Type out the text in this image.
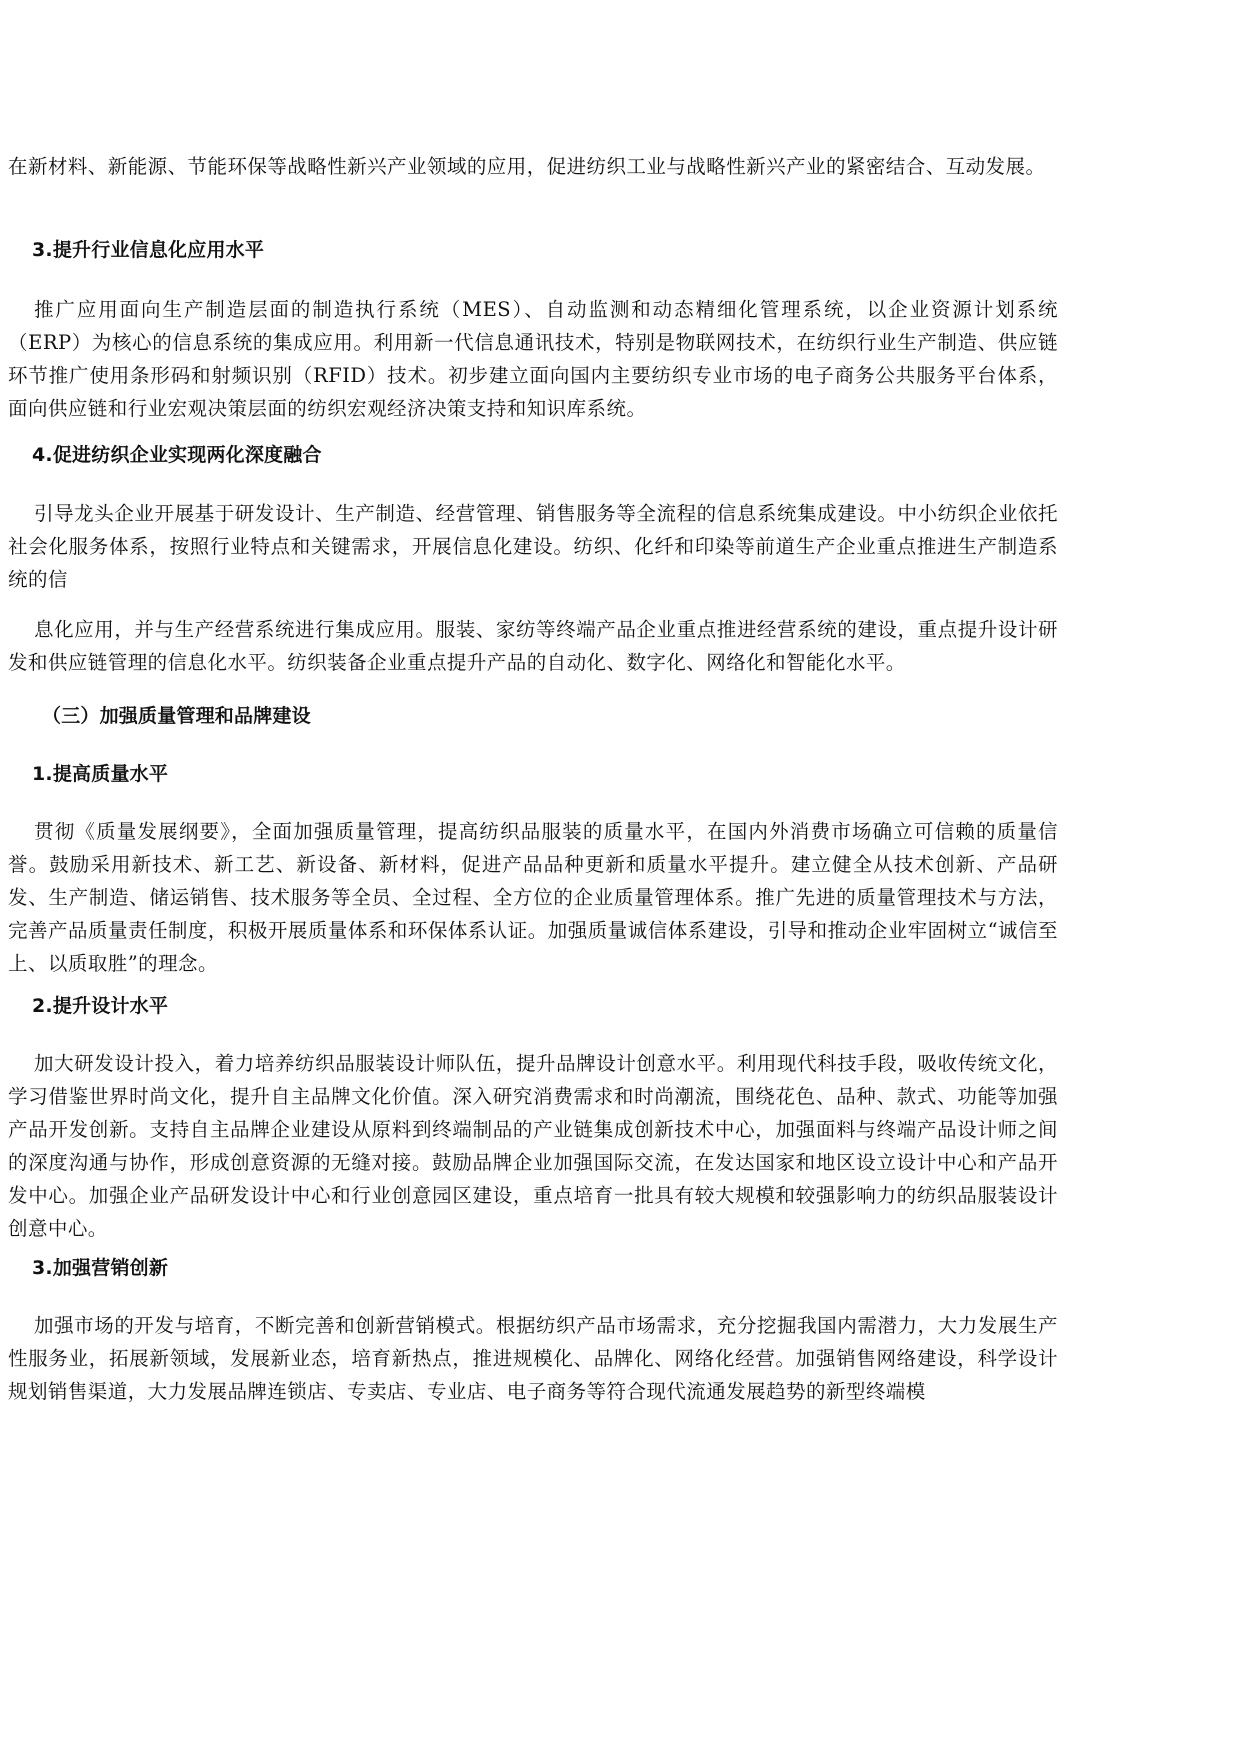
在新材料、新能源、节能环保等战略性新兴产业领域的应用，促进纺织工业与战略性新兴产业的紧密结合、互动发展。

3.提升行业信息化应用水平

推广应用面向生产制造层面的制造执行系统（MES）、自动监测和动态精细化管理系统，以企业资源计划系统（ERP）为核心的信息系统的集成应用。利用新一代信息通讯技术，特别是物联网技术，在纺织行业生产制造、供应链环节推广使用条形码和射频识别（RFID）技术。初步建立面向国内主要纺织专业市场的电子商务公共服务平台体系，面向供应链和行业宏观决策层面的纺织宏观经济决策支持和知识库系统。

4.促进纺织企业实现两化深度融合

引导龙头企业开展基于研发设计、生产制造、经营管理、销售服务等全流程的信息系统集成建设。中小纺织企业依托社会化服务体系，按照行业特点和关键需求，开展信息化建设。纺织、化纤和印染等前道生产企业重点推进生产制造系统的信

息化应用，并与生产经营系统进行集成应用。服装、家纺等终端产品企业重点推进经营系统的建设，重点提升设计研发和供应链管理的信息化水平。纺织装备企业重点提升产品的自动化、数字化、网络化和智能化水平。

（三）加强质量管理和品牌建设

1.提高质量水平

贯彻《质量发展纲要》，全面加强质量管理，提高纺织品服装的质量水平，在国内外消费市场确立可信赖的质量信誉。鼓励采用新技术、新工艺、新设备、新材料，促进产品品种更新和质量水平提升。建立健全从技术创新、产品研发、生产制造、储运销售、技术服务等全员、全过程、全方位的企业质量管理体系。推广先进的质量管理技术与方法，完善产品质量责任制度，积极开展质量体系和环保体系认证。加强质量诚信体系建设，引导和推动企业牢固树立“诚信至上、以质取胜”的理念。

2.提升设计水平

加大研发设计投入，着力培养纺织品服装设计师队伍，提升品牌设计创意水平。利用现代科技手段，吸收传统文化，学习借鉴世界时尚文化，提升自主品牌文化价值。深入研究消费需求和时尚潮流，围绕花色、品种、款式、功能等加强产品开发创新。支持自主品牌企业建设从原料到终端制品的产业链集成创新技术中心，加强面料与终端产品设计师之间的深度沟通与协作，形成创意资源的无缝对接。鼓励品牌企业加强国际交流，在发达国家和地区设立设计中心和产品开发中心。加强企业产品研发设计中心和行业创意园区建设，重点培育一批具有较大规模和较强影响力的纺织品服装设计创意中心。

3.加强营销创新

加强市场的开发与培育，不断完善和创新营销模式。根据纺织产品市场需求，充分挖掘我国内需潜力，大力发展生产性服务业，拓展新领域，发展新业态，培育新热点，推进规模化、品牌化、网络化经营。加强销售网络建设，科学设计规划销售渠道，大力发展品牌连锁店、专卖店、专业店、电子商务等符合现代流通发展趋势的新型终端模
